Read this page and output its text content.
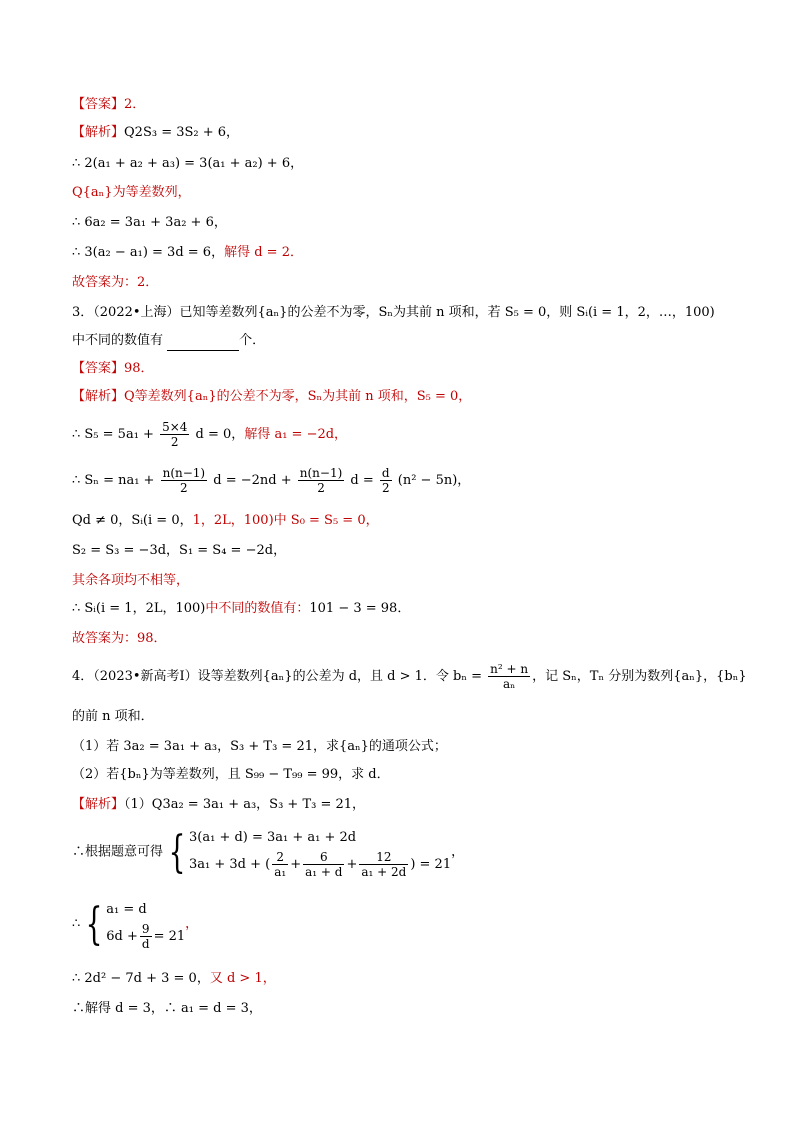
【答案】2．
【解析】Q2S₃ = 3S₂ + 6，
∴ 2(a₁ + a₂ + a₃) = 3(a₁ + a₂) + 6，
Q{aₙ}为等差数列，
∴ 6a₂ = 3a₁ + 3a₂ + 6，
∴ 3(a₂ − a₁) = 3d = 6，解得 d = 2．
故答案为：2．
3．（2022•上海）已知等差数列{aₙ}的公差不为零，Sₙ为其前 n 项和，若 S₅ = 0，则 Sᵢ(i = 1，2，…，100)
中不同的数值有	个．
【答案】98．
【解析】Q等差数列{aₙ}的公差不为零，Sₙ为其前 n 项和，S₅ = 0，
∴ $S_5 = 5a_1 + \frac{5\times 4}{2}$ d = 0，解得 a₁ = −2d，
∴ $S_n = na_1 + \frac{n(n-1)}{2}$ $d = -2nd + \frac{n(n-1)}{2}$ $d = \frac{d}{2} (n^2 - 5n)$，
Qd ≠ 0，Sᵢ(i = 0，1，2L，100)中 S₀ = S₅ = 0，
S₂ = S₃ = −3d，S₁ = S₄ = −2d，
其余各项均不相等，
∴ Sᵢ(i = 1，2L，100)中不同的数值有：101 − 3 = 98．
故答案为：98．
4．（2023•新高考Ⅰ）设等差数列{aₙ}的公差为 d，且 d > 1．令 $b_n = \frac{\text{n² + n}}{\text{aₙ}}$ ，记 Sₙ，Tₙ 分别为数列{aₙ}，{bₙ}
的前 n 项和．
（1）若 3a₂ = 3a₁ + a₃，S₃ + T₃ = 21，求{aₙ}的通项公式；
（2）若{bₙ}为等差数列，且 S₉₉ − T₉₉ = 99，求 d．
【解析】（1）Q3a₂ = 3a₁ + a₃，S₃ + T₃ = 21，
∴根据题意可得 { 3(a₁ + d) = 3a₁ + a₁ + 2d
3a₁ + 3d + ( $\frac{2}{\text{a₁}} + \frac{6}{\text{a₁ + d}} + \frac{12}{\text{a₁ + 2d}}$ ) = 21
，
∴ { a₁ = d
$6d + \frac{9}{d} = 21$
，
∴ 2d² − 7d + 3 = 0，又 d > 1，
∴解得 d = 3，∴ a₁ = d = 3，
